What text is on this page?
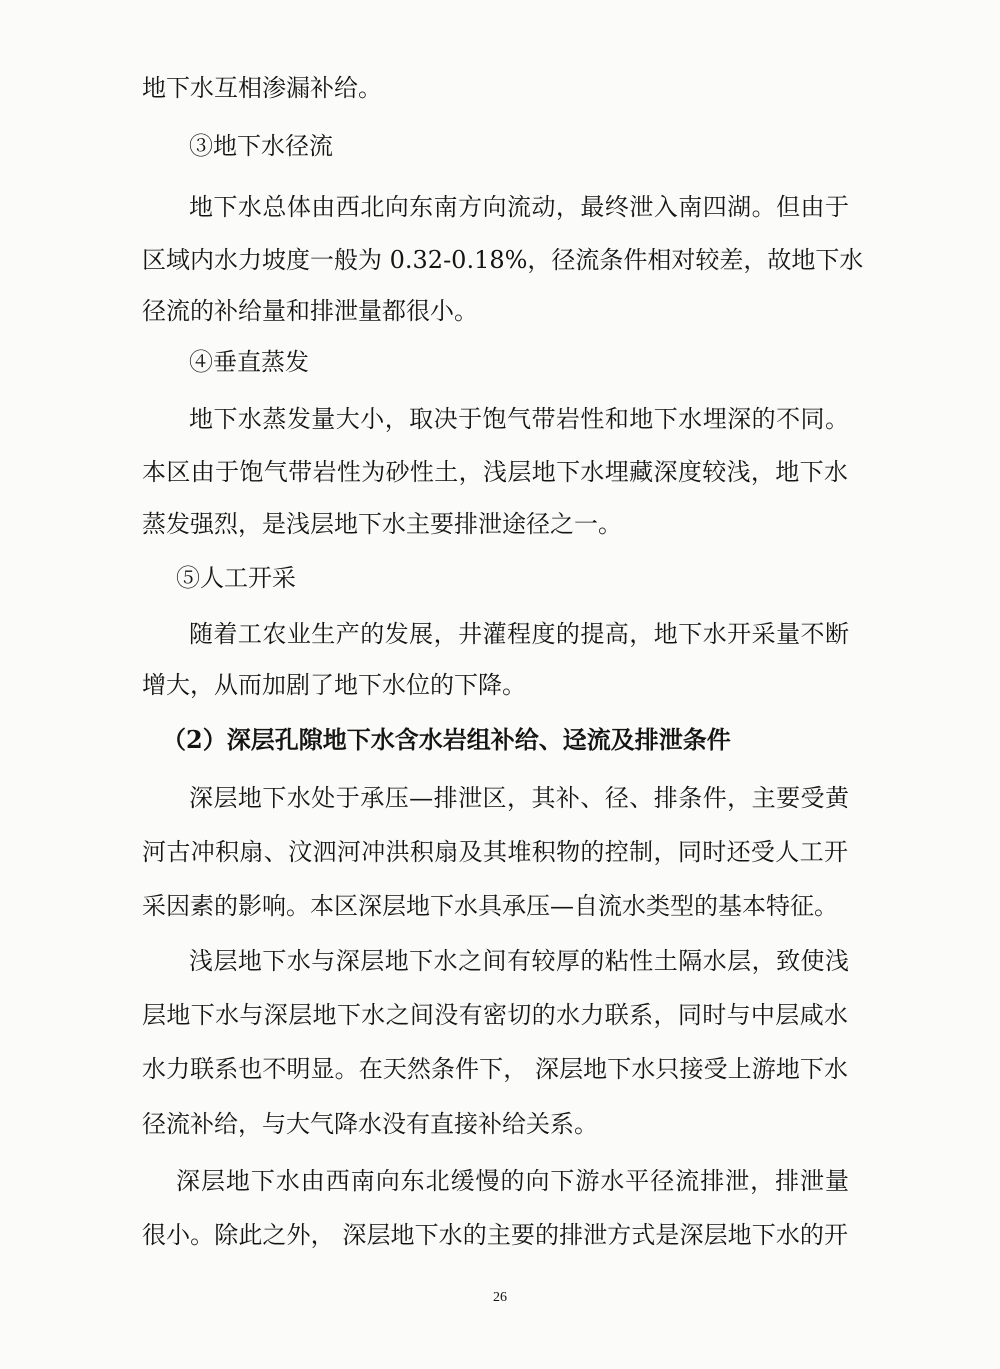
地下水互相渗漏补给。
③地下水径流
地下水总体由西北向东南方向流动，最终泄入南四湖。但由于
区域内水力坡度一般为 0.32-0.18%，径流条件相对较差，故地下水
径流的补给量和排泄量都很小。
④垂直蒸发
地下水蒸发量大小，取决于饱气带岩性和地下水埋深的不同。
本区由于饱气带岩性为砂性土，浅层地下水埋藏深度较浅，地下水
蒸发强烈，是浅层地下水主要排泄途径之一。
⑤人工开采
随着工农业生产的发展，井灌程度的提高，地下水开采量不断
增大，从而加剧了地下水位的下降。
（2）深层孔隙地下水含水岩组补给、迳流及排泄条件
深层地下水处于承压—排泄区，其补、径、排条件，主要受黄
河古冲积扇、汶泗河冲洪积扇及其堆积物的控制，同时还受人工开
采因素的影响。本区深层地下水具承压—自流水类型的基本特征。
浅层地下水与深层地下水之间有较厚的粘性土隔水层，致使浅
层地下水与深层地下水之间没有密切的水力联系，同时与中层咸水
水力联系也不明显。在天然条件下， 深层地下水只接受上游地下水
径流补给，与大气降水没有直接补给关系。
深层地下水由西南向东北缓慢的向下游水平径流排泄，排泄量
很小。除此之外， 深层地下水的主要的排泄方式是深层地下水的开
26
